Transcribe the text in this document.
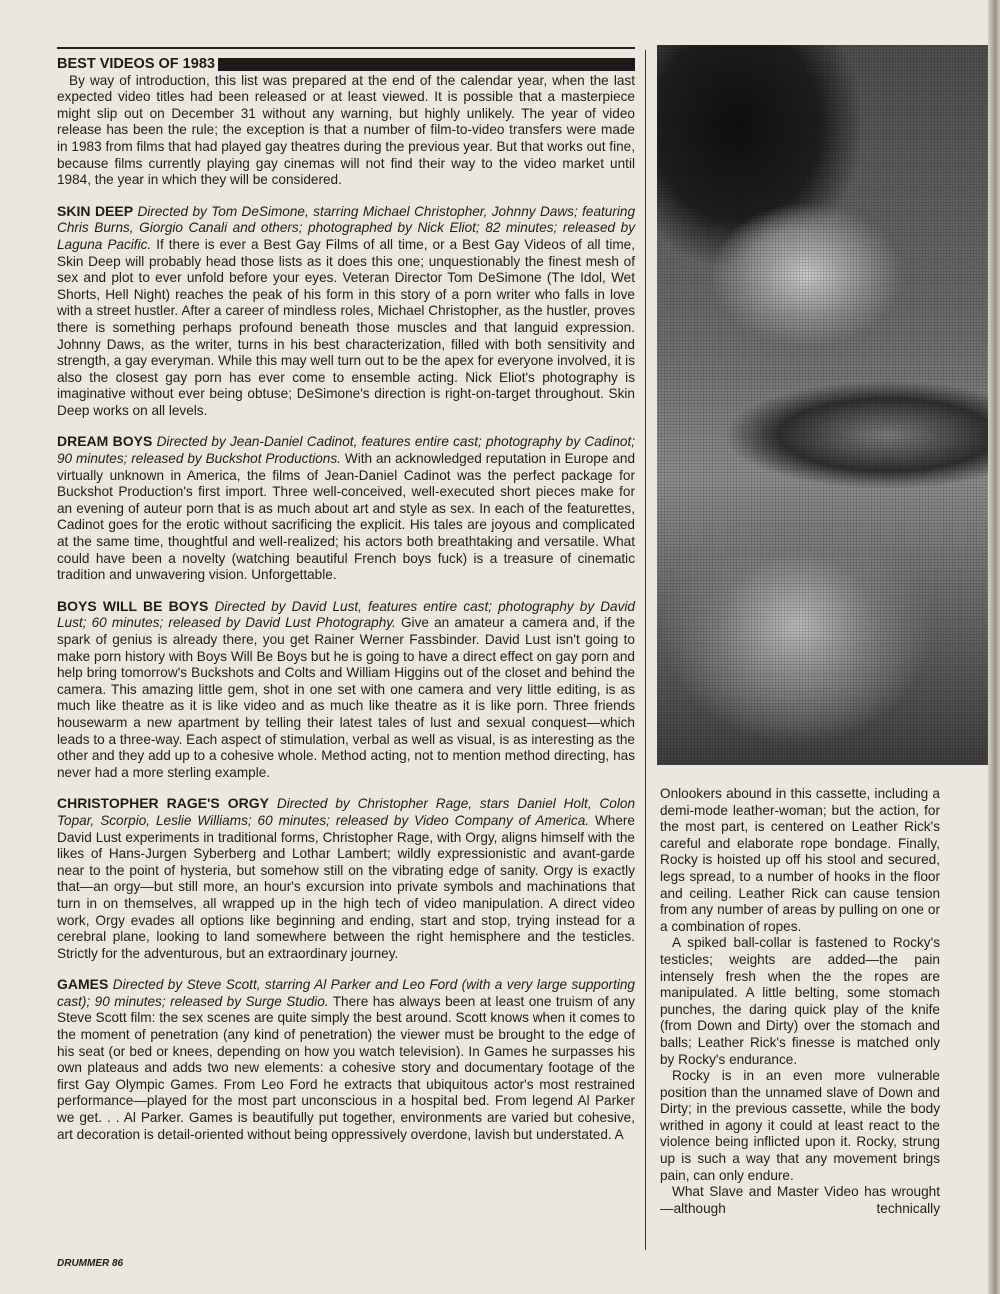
BEST VIDEOS OF 1983

By way of introduction, this list was prepared at the end of the calendar year, when the last expected video titles had been released or at least viewed. It is possible that a masterpiece might slip out on December 31 without any warning, but highly unlikely. The year of video release has been the rule; the exception is that a number of film-to-video transfers were made in 1983 from films that had played gay theatres during the previous year. But that works out fine, because films currently playing gay cinemas will not find their way to the video market until 1984, the year in which they will be considered.

SKIN DEEP Directed by Tom DeSimone, starring Michael Christopher, Johnny Daws; featuring Chris Burns, Giorgio Canali and others; photographed by Nick Eliot; 82 minutes; released by Laguna Pacific. If there is ever a Best Gay Films of all time, or a Best Gay Videos of all time, Skin Deep will probably head those lists as it does this one; unquestionably the finest mesh of sex and plot to ever unfold before your eyes. Veteran Director Tom DeSimone (The Idol, Wet Shorts, Hell Night) reaches the peak of his form in this story of a porn writer who falls in love with a street hustler. After a career of mindless roles, Michael Christopher, as the hustler, proves there is something perhaps profound beneath those muscles and that languid expression. Johnny Daws, as the writer, turns in his best characterization, filled with both sensitivity and strength, a gay everyman. While this may well turn out to be the apex for everyone involved, it is also the closest gay porn has ever come to ensemble acting. Nick Eliot's photography is imaginative without ever being obtuse; DeSimone's direction is right-on-target throughout. Skin Deep works on all levels.

DREAM BOYS Directed by Jean-Daniel Cadinot, features entire cast; photography by Cadinot; 90 minutes; released by Buckshot Productions. With an acknowledged reputation in Europe and virtually unknown in America, the films of Jean-Daniel Cadinot was the perfect package for Buckshot Production's first import. Three well-conceived, well-executed short pieces make for an evening of auteur porn that is as much about art and style as sex. In each of the featurettes, Cadinot goes for the erotic without sacrificing the explicit. His tales are joyous and complicated at the same time, thoughtful and well-realized; his actors both breathtaking and versatile. What could have been a novelty (watching beautiful French boys fuck) is a treasure of cinematic tradition and unwavering vision. Unforgettable.

BOYS WILL BE BOYS Directed by David Lust, features entire cast; photography by David Lust; 60 minutes; released by David Lust Photography. Give an amateur a camera and, if the spark of genius is already there, you get Rainer Werner Fassbinder. David Lust isn't going to make porn history with Boys Will Be Boys but he is going to have a direct effect on gay porn and help bring tomorrow's Buckshots and Colts and William Higgins out of the closet and behind the camera. This amazing little gem, shot in one set with one camera and very little editing, is as much like theatre as it is like video and as much like theatre as it is like porn. Three friends housewarm a new apartment by telling their latest tales of lust and sexual conquest—which leads to a three-way. Each aspect of stimulation, verbal as well as visual, is as interesting as the other and they add up to a cohesive whole. Method acting, not to mention method directing, has never had a more sterling example.

CHRISTOPHER RAGE'S ORGY Directed by Christopher Rage, stars Daniel Holt, Colon Topar, Scorpio, Leslie Williams; 60 minutes; released by Video Company of America. Where David Lust experiments in traditional forms, Christopher Rage, with Orgy, aligns himself with the likes of Hans-Jurgen Syberberg and Lothar Lambert; wildly expressionistic and avant-garde near to the point of hysteria, but somehow still on the vibrating edge of sanity. Orgy is exactly that—an orgy—but still more, an hour's excursion into private symbols and machinations that turn in on themselves, all wrapped up in the high tech of video manipulation. A direct video work, Orgy evades all options like beginning and ending, start and stop, trying instead for a cerebral plane, looking to land somewhere between the right hemisphere and the testicles. Strictly for the adventurous, but an extraordinary journey.

GAMES Directed by Steve Scott, starring Al Parker and Leo Ford (with a very large supporting cast); 90 minutes; released by Surge Studio. There has always been at least one truism of any Steve Scott film: the sex scenes are quite simply the best around. Scott knows when it comes to the moment of penetration (any kind of penetration) the viewer must be brought to the edge of his seat (or bed or knees, depending on how you watch television). In Games he surpasses his own plateaus and adds two new elements: a cohesive story and documentary footage of the first Gay Olympic Games. From Leo Ford he extracts that ubiquitous actor's most restrained performance—played for the most part unconscious in a hospital bed. From legend Al Parker we get. . . Al Parker. Games is beautifully put together, environments are varied but cohesive, art decoration is detail-oriented without being oppressively overdone, lavish but understated. A

Onlookers abound in this cassette, including a demi-mode leather-woman; but the action, for the most part, is centered on Leather Rick's careful and elaborate rope bondage. Finally, Rocky is hoisted up off his stool and secured, legs spread, to a number of hooks in the floor and ceiling. Leather Rick can cause tension from any number of areas by pulling on one or a combination of ropes.

A spiked ball-collar is fastened to Rocky's testicles; weights are added—the pain intensely fresh when the the ropes are manipulated. A little belting, some stomach punches, the daring quick play of the knife (from Down and Dirty) over the stomach and balls; Leather Rick's finesse is matched only by Rocky's endurance.

Rocky is in an even more vulnerable position than the unnamed slave of Down and Dirty; in the previous cassette, while the body writhed in agony it could at least react to the violence being inflicted upon it. Rocky, strung up is such a way that any movement brings pain, can only endure.

What Slave and Master Video has wrought—although technically

DRUMMER 86
